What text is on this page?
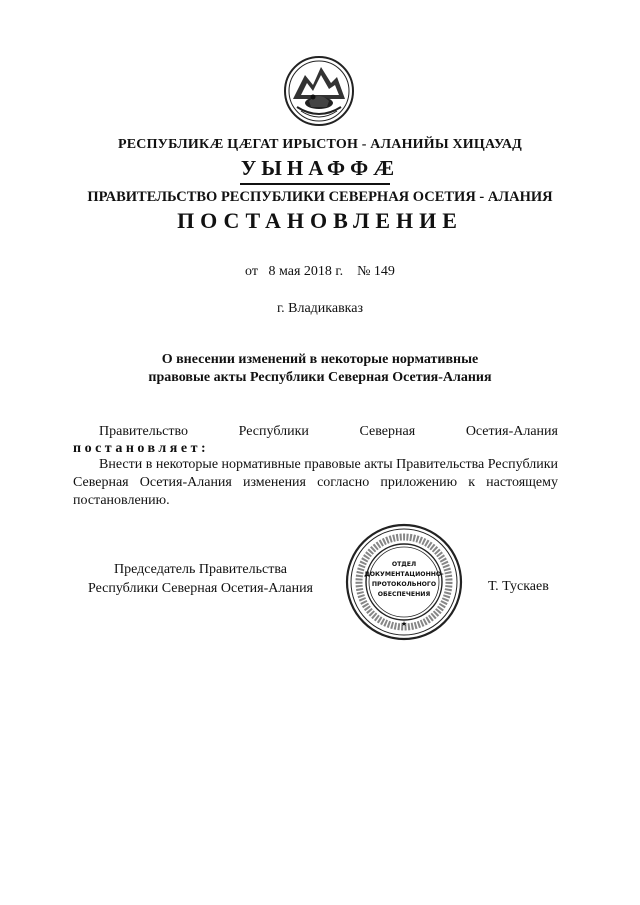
РЕСПУБЛИКӔ ЦӔГАТ ИРЫСТОН - АЛАНИЙЫ ХИЦАУАД
УЫНАФФӔ
ПРАВИТЕЛЬСТВО РЕСПУБЛИКИ СЕВЕРНАЯ ОСЕТИЯ - АЛАНИЯ
ПОСТАНОВЛЕНИЕ
от 8 мая 2018 г. № 149
г. Владикавказ
О внесении изменений в некоторые нормативные
правовые акты Республики Северная Осетия-Алания
Правительство	Республики	Северная	Осетия-Алания
постановляет:
Внести в некоторые нормативные правовые акты Правительства Республики Северная Осетия-Алания изменения согласно приложению к настоящему постановлению.
Председатель Правительства
Республики Северная Осетия-Алания
ОТДЕЛ
ДОКУМЕНТАЦИОННО-
ПРОТОКОЛЬНОГО
ОБЕСПЕЧЕНИЯ
★
Т. Тускаев
